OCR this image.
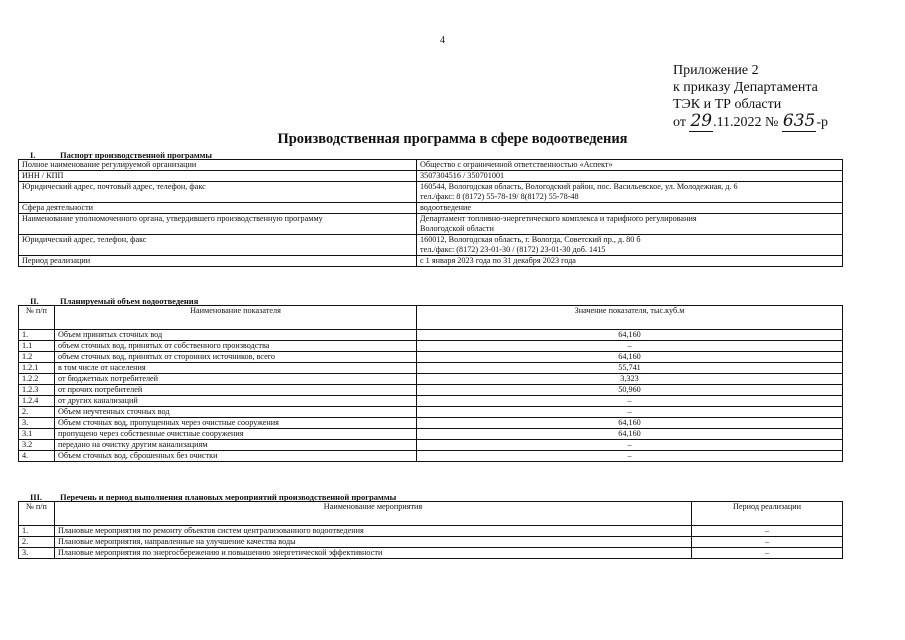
4
Приложение 2
к приказу Департамента
ТЭК и ТР области
от 29.11.2022 № 635-р
Производственная программа в сфере водоотведения
I.	Паспорт производственной программы
Полное наименование регулируемой организации	Общество с ограниченной ответственностью «Аспект»

ИНН / КПП	3507304516 / 350701001

Юридический адрес, почтовый адрес, телефон, факс	160544, Вологодская область, Вологодский район, пос. Васильевское, ул. Молодежная, д. 6
тел./факс: 8 (8172) 55-78-19/ 8(8172) 55-78-48

Сфера деятельности	водоотведение

Наименование уполномоченного органа, утвердившего производственную программу	Департамент топливно-энергетического комплекса и тарифного регулирования
Вологодской области

Юридический адрес, телефон, факс	160012, Вологодская область, г. Вологда, Советский пр., д. 80 б
тел./факс: (8172) 23-01-30 / (8172) 23-01-30 доб. 1415

Период реализации	с 1 января 2023 года по 31 декабря 2023 года
II.	Планируемый объем водоотведения
№ п/п	Наименование показателя	Значение показателя, тыс.куб.м
1.	Объем принятых сточных вод	64,160
1.1	объем сточных вод, принятых от собственного производства	–
1.2	объем сточных вод, принятых от сторонних источников, всего	64,160
1.2.1	в том числе от населения	55,741
1.2.2	от бюджетных потребителей	3,323
1.2.3	от прочих потребителей	50,960
1.2.4	от других канализаций	–
2.	Объем неучтенных сточных вод	–
3.	Объем сточных вод, пропущенных через очистные сооружения	64,160
3.1	пропущено через собственные очистные сооружения	64,160
3.2	передано на очистку другим канализациям	–
4.	Объем сточных вод, сброшенных без очистки	–
III. Перечень и период выполнения плановых мероприятий производственной программы
№ п/п	Наименование мероприятия	Период реализации
1.	Плановые мероприятия по ремонту объектов систем централизованного водоотведения	–
2.	Плановые мероприятия, направленные на улучшение качества воды	–
3.	Плановые мероприятия по энергосбережению и повышению энергетической эффективности	–
